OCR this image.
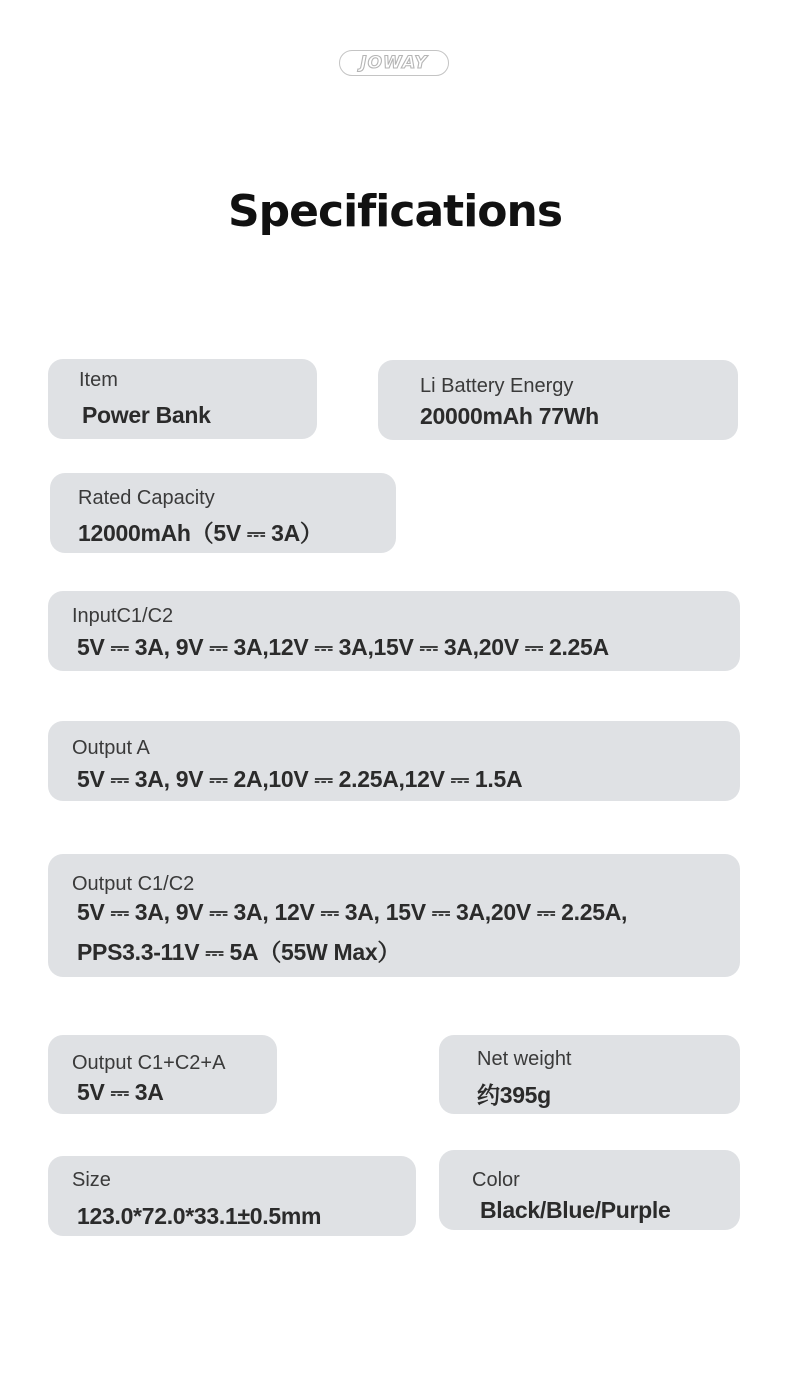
JOWAY
Specifications
Item
Power Bank
Li Battery Energy
20000mAh 77Wh
Rated Capacity
12000mAh（5V ⎓ 3A）
InputC1/C2
5V ⎓ 3A, 9V ⎓ 3A,12V ⎓ 3A,15V ⎓ 3A,20V ⎓ 2.25A
Output A
5V ⎓ 3A, 9V ⎓ 2A,10V ⎓ 2.25A,12V ⎓ 1.5A
Output C1/C2
5V ⎓ 3A, 9V ⎓ 3A, 12V ⎓ 3A, 15V ⎓ 3A,20V ⎓ 2.25A,
PPS3.3-11V ⎓ 5A（55W Max）
Output C1+C2+A
5V ⎓ 3A
Net weight
约395g
Size
123.0*72.0*33.1±0.5mm
Color
Black/Blue/Purple
